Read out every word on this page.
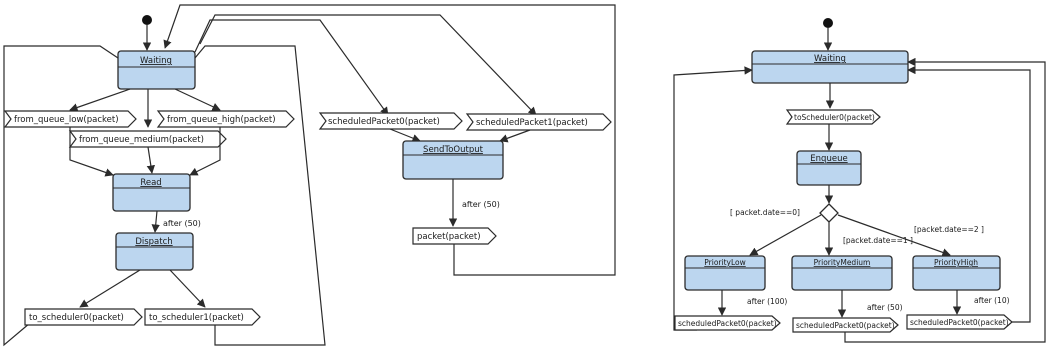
Waiting
from_queue_low(packet)	from_queue_high(packet)
from_queue_medium(packet)
Read
after (50)
Dispatch
to_scheduler0(packet)	to_scheduler1(packet)
scheduledPacket0(packet)	scheduledPacket1(packet)
SendToOutput
after (50)
packet(packet)
Waiting
toScheduler0(packet)
Enqueue
[ packet.date==0]
[packet.date==1 ]
[packet.date==2 ]
PriorityLow	PriorityMedium	PriorityHigh
after (100)
after (50)
after (10)
scheduledPacket0(packet)	scheduledPacket0(packet) scheduledPacket0(packet)
